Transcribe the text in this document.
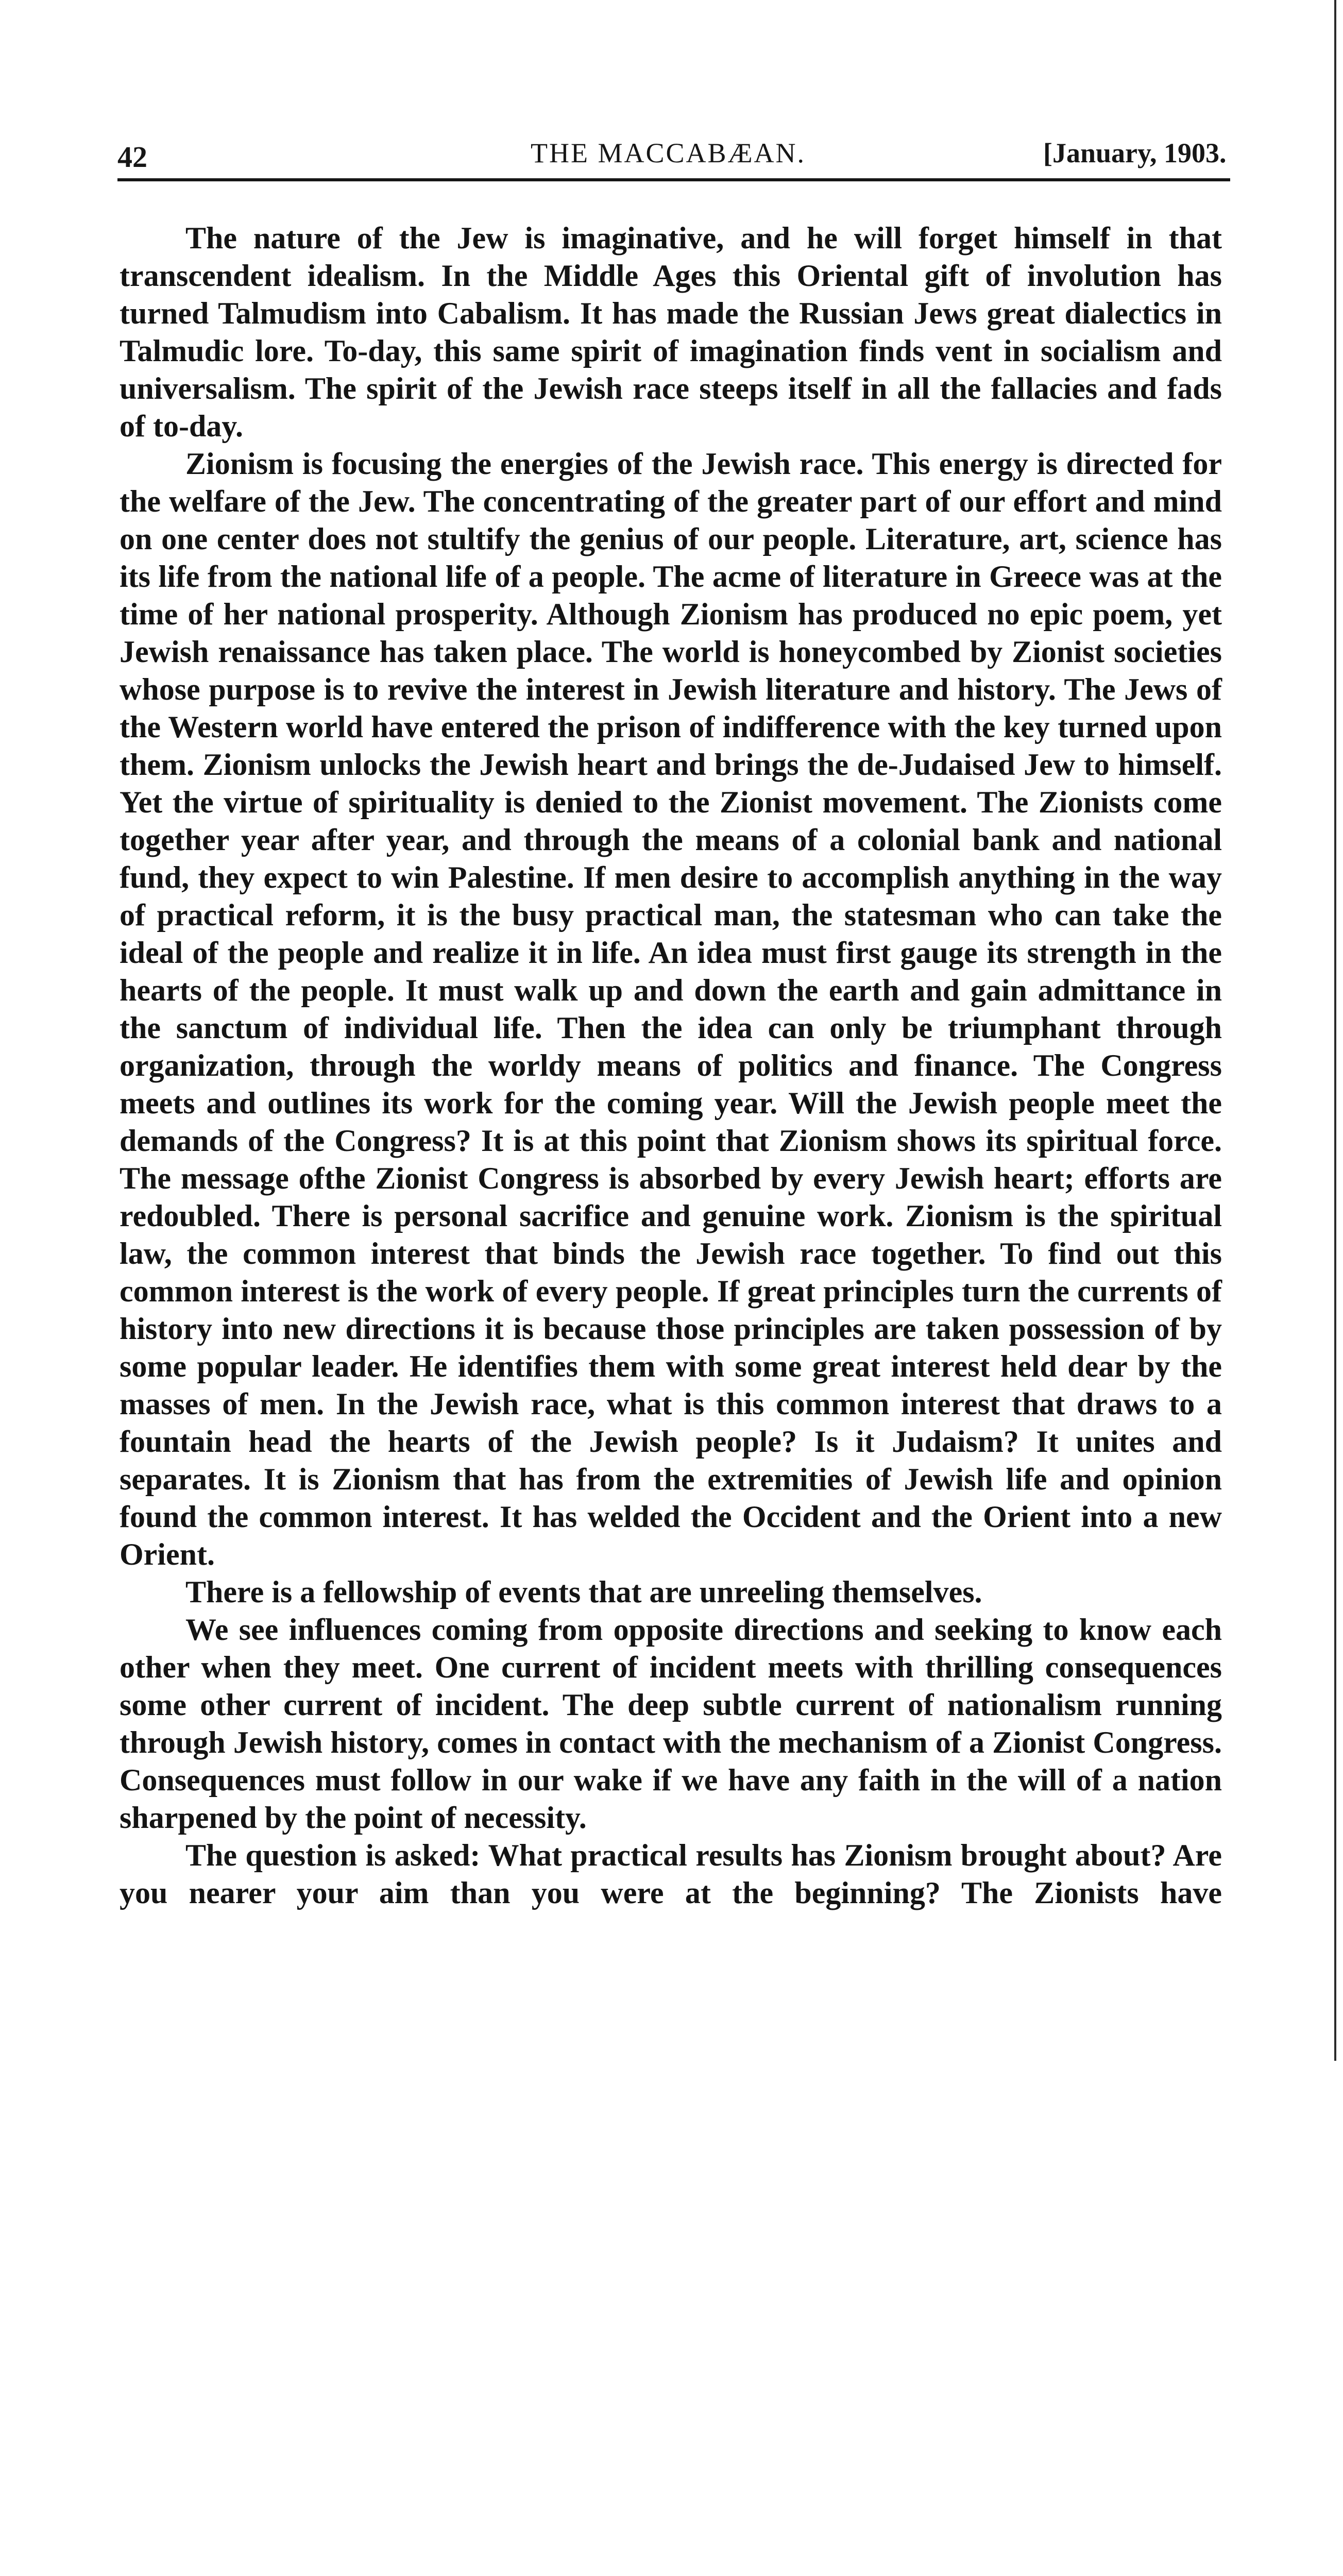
42	THE MACCABÆAN.	[January, 1903.

The nature of the Jew is imaginative, and he will forget himself in that transcendent idealism. In the Middle Ages this Oriental gift of involution has turned Talmudism into Cabalism. It has made the Russian Jews great dialectics in Talmudic lore. To-day, this same spirit of imagination finds vent in socialism and universalism. The spirit of the Jewish race steeps itself in all the fallacies and fads of to-day.

Zionism is focusing the energies of the Jewish race. This energy is directed for the welfare of the Jew. The concentrating of the greater part of our effort and mind on one center does not stultify the genius of our people. Literature, art, science has its life from the national life of a people. The acme of literature in Greece was at the time of her national prosperity. Although Zionism has produced no epic poem, yet Jewish renaissance has taken place. The world is honeycombed by Zionist societies whose purpose is to revive the interest in Jewish literature and history. The Jews of the Western world have entered the prison of indifference with the key turned upon them. Zionism unlocks the Jewish heart and brings the de-Judaised Jew to himself. Yet the virtue of spirituality is denied to the Zionist movement. The Zionists come together year after year, and through the means of a colonial bank and national fund, they expect to win Palestine. If men desire to accomplish anything in the way of practical reform, it is the busy practical man, the statesman who can take the ideal of the people and realize it in life. An idea must first gauge its strength in the hearts of the people. It must walk up and down the earth and gain admittance in the sanctum of individual life. Then the idea can only be triumphant through organization, through the worldy means of politics and finance. The Congress meets and outlines its work for the coming year. Will the Jewish people meet the demands of the Congress? It is at this point that Zionism shows its spiritual force. The message ofthe Zionist Congress is absorbed by every Jewish heart; efforts are redoubled. There is personal sacrifice and genuine work. Zionism is the spiritual law, the common interest that binds the Jewish race together. To find out this common interest is the work of every people. If great principles turn the currents of history into new directions it is because those principles are taken possession of by some popular leader. He identifies them with some great interest held dear by the masses of men. In the Jewish race, what is this common interest that draws to a fountain head the hearts of the Jewish people? Is it Judaism? It unites and separates. It is Zionism that has from the extremities of Jewish life and opinion found the common interest. It has welded the Occident and the Orient into a new Orient.

There is a fellowship of events that are unreeling themselves.

We see influences coming from opposite directions and seeking to know each other when they meet. One current of incident meets with thrilling consequences some other current of incident. The deep subtle current of nationalism running through Jewish history, comes in contact with the mechanism of a Zionist Congress. Consequences must follow in our wake if we have any faith in the will of a nation sharpened by the point of necessity.

The question is asked: What practical results has Zionism brought about? Are you nearer your aim than you were at the beginning? The Zionists have
